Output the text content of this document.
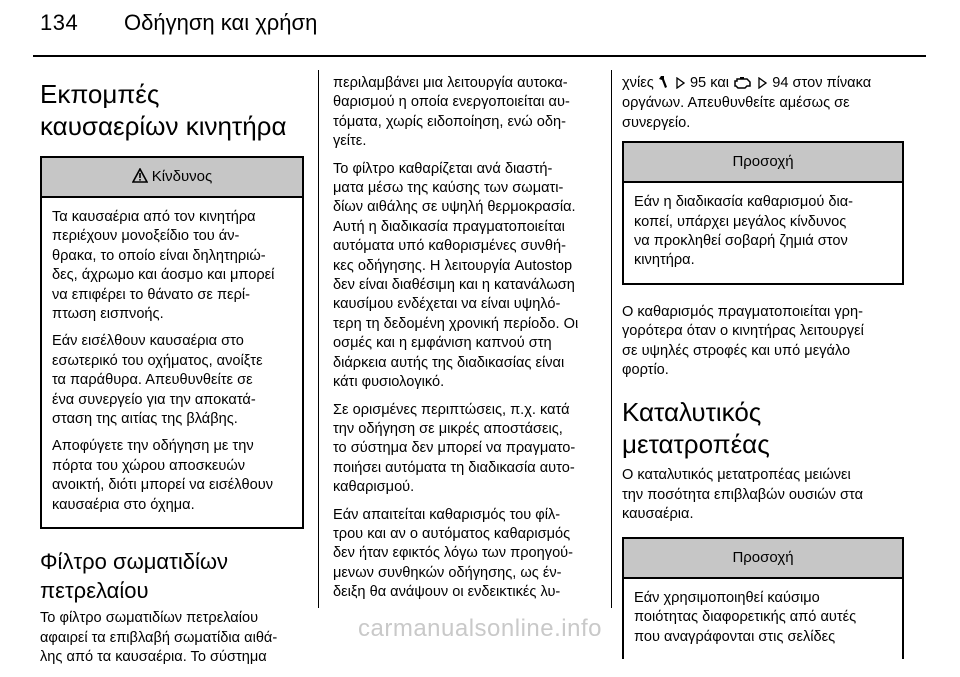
134 Οδήγηση και χρήση
Εκπομπές καυσαερίων κινητήρα
Κίνδυνος

Τα καυσαέρια από τον κινητήρα
περιέχουν μονοξείδιο του άν-
θρακα, το οποίο είναι δηλητηριώ-
δες, άχρωμο και άοσμο και μπορεί
να επιφέρει το θάνατο σε περί-
πτωση εισπνοής.

Εάν εισέλθουν καυσαέρια στο
εσωτερικό του οχήματος, ανοίξτε
τα παράθυρα. Απευθυνθείτε σε
ένα συνεργείο για την αποκατά-
σταση της αιτίας της βλάβης.

Αποφύγετε την οδήγηση με την
πόρτα του χώρου αποσκευών
ανοικτή, διότι μπορεί να εισέλθουν
καυσαέρια στο όχημα.

Φίλτρο σωματιδίων πετρελαίου

Το φίλτρο σωματιδίων πετρελαίου
αφαιρεί τα επιβλαβή σωματίδια αιθά-
λης από τα καυσαέρια. Το σύστημα

περιλαμβάνει μια λειτουργία αυτοκα-
θαρισμού η οποία ενεργοποιείται αυ-
τόματα, χωρίς ειδοποίηση, ενώ οδη-
γείτε.

Το φίλτρο καθαρίζεται ανά διαστή-
ματα μέσω της καύσης των σωματι-
δίων αιθάλης σε υψηλή θερμοκρασία.
Αυτή η διαδικασία πραγματοποιείται
αυτόματα υπό καθορισμένες συνθή-
κες οδήγησης. Η λειτουργία Autostop
δεν είναι διαθέσιμη και η κατανάλωση
καυσίμου ενδέχεται να είναι υψηλό-
τερη τη δεδομένη χρονική περίοδο. Οι
οσμές και η εμφάνιση καπνού στη
διάρκεια αυτής της διαδικασίας είναι
κάτι φυσιολογικό.

Σε ορισμένες περιπτώσεις, π.χ. κατά
την οδήγηση σε μικρές αποστάσεις,
το σύστημα δεν μπορεί να πραγματο-
ποιήσει αυτόματα τη διαδικασία αυτο-
καθαρισμού.

Εάν απαιτείται καθαρισμός του φίλ-
τρου και αν ο αυτόματος καθαρισμός
δεν ήταν εφικτός λόγω των προηγού-
μενων συνθηκών οδήγησης, ως έν-
δειξη θα ανάψουν οι ενδεικτικές λυ-

χνίες 95 και	94 στον πίνακα
οργάνων. Απευθυνθείτε αμέσως σε
συνεργείο.

Προσοχή

Εάν η διαδικασία καθαρισμού δια-
κοπεί, υπάρχει μεγάλος κίνδυνος
να προκληθεί σοβαρή ζημιά στον
κινητήρα.

Ο καθαρισμός πραγματοποιείται γρη-
γορότερα όταν ο κινητήρας λειτουργεί
σε υψηλές στροφές και υπό μεγάλο
φορτίο.

Καταλυτικός μετατροπέας

Ο καταλυτικός μετατροπέας μειώνει
την ποσότητα επιβλαβών ουσιών στα
καυσαέρια.

Προσοχή

Εάν χρησιμοποιηθεί καύσιμο
ποιότητας διαφορετικής από αυτές
που αναγράφονται στις σελίδες

carmanualsonline.info
